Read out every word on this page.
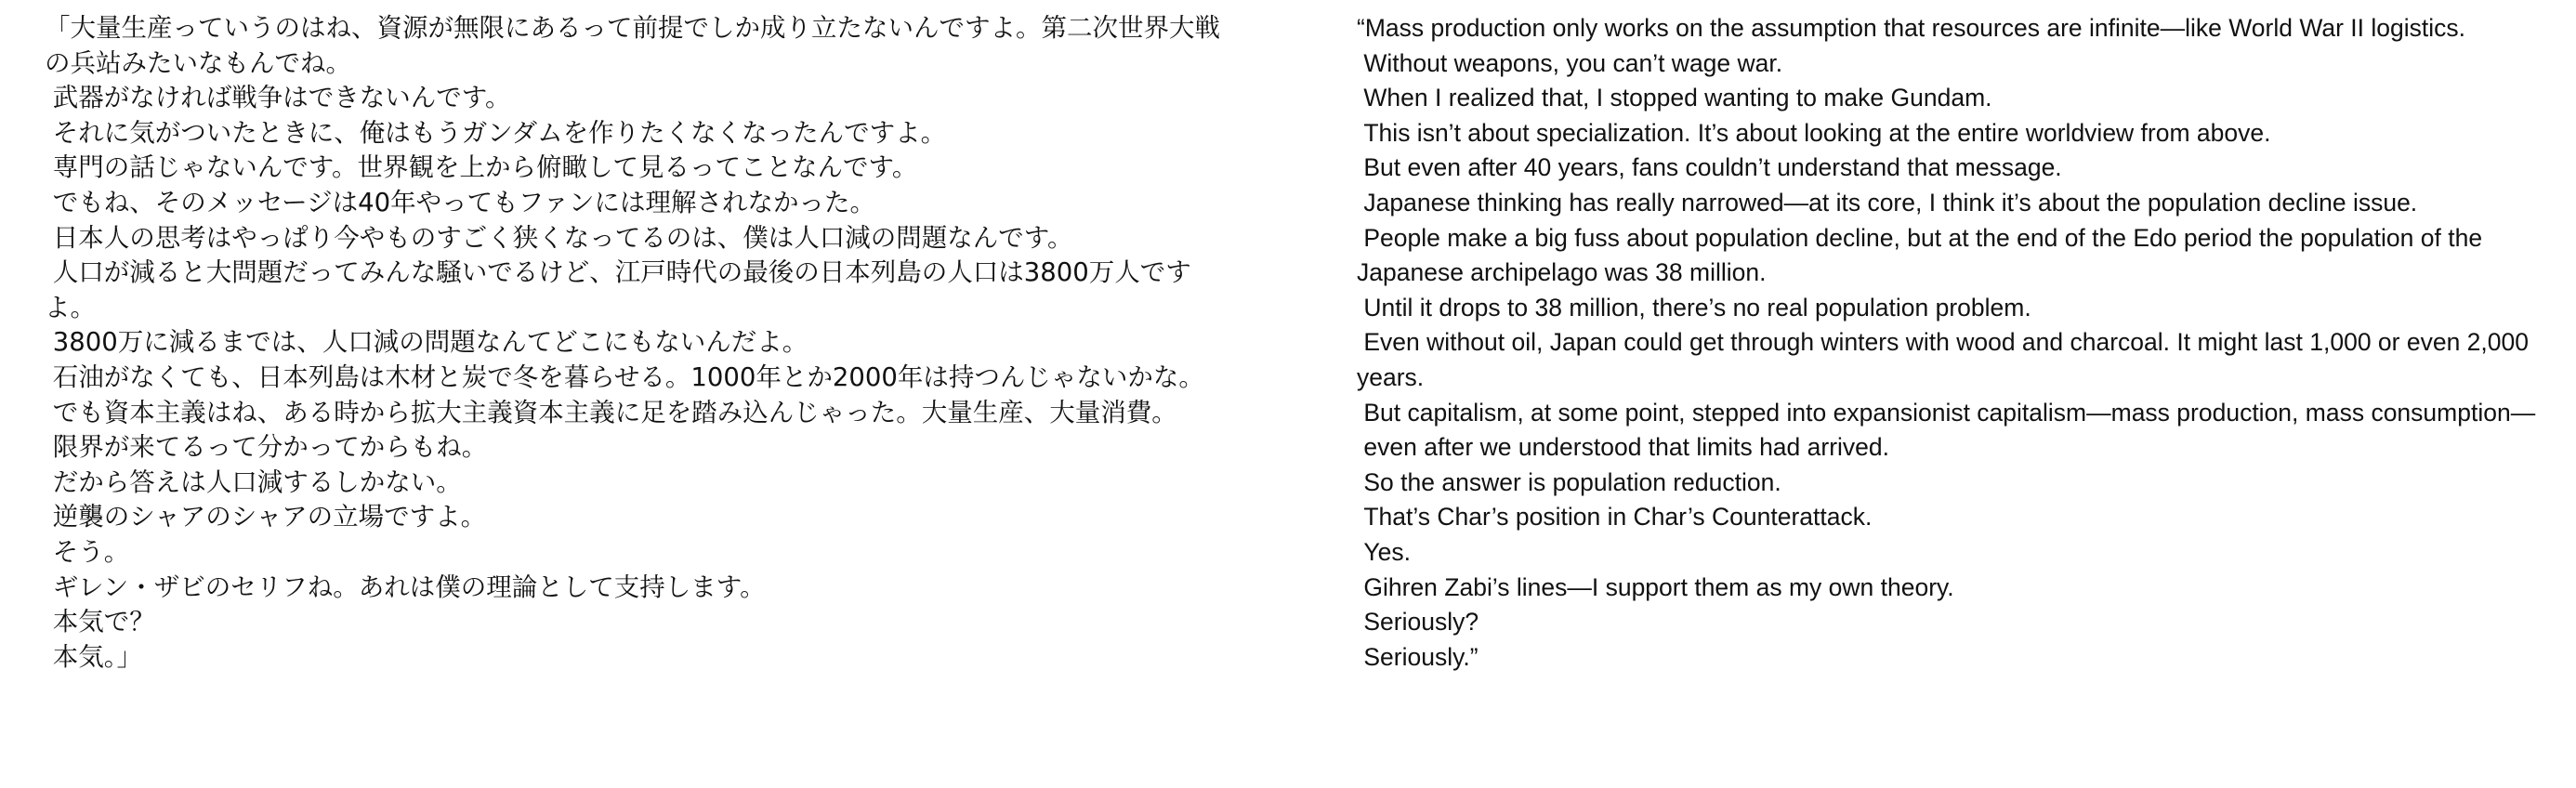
「大量生産っていうのはね、資源が無限にあるって前提でしか成り立たないんですよ。第二次世界大戦の兵站みたいなもんでね。

武器がなければ戦争はできないんです。

それに気がついたときに、俺はもうガンダムを作りたくなくなったんですよ。

専門の話じゃないんです。世界観を上から俯瞰して見るってことなんです。

でもね、そのメッセージは40年やってもファンには理解されなかった。

日本人の思考はやっぱり今やものすごく狭くなってるのは、僕は人口減の問題なんです。

人口が減ると大問題だってみんな騒いでるけど、江戸時代の最後の日本列島の人口は3800万人ですよ。

3800万に減るまでは、人口減の問題なんてどこにもないんだよ。

石油がなくても、日本列島は木材と炭で冬を暮らせる。1000年とか2000年は持つんじゃないかな。

でも資本主義はね、ある時から拡大主義資本主義に足を踏み込んじゃった。大量生産、大量消費。

限界が来てるって分かってからもね。

だから答えは人口減するしかない。

逆襲のシャアのシャアの立場ですよ。

そう。

ギレン・ザビのセリフね。あれは僕の理論として支持します。

本気で？

本気。」

“Mass production only works on the assumption that resources are infinite—like World War II logistics.

Without weapons, you can’t wage war.

When I realized that, I stopped wanting to make Gundam.

This isn’t about specialization. It’s about looking at the entire worldview from above.

But even after 40 years, fans couldn’t understand that message.

Japanese thinking has really narrowed—at its core, I think it’s about the population decline issue.

People make a big fuss about population decline, but at the end of the Edo period the population of the Japanese archipelago was 38 million.

Until it drops to 38 million, there’s no real population problem.

Even without oil, Japan could get through winters with wood and charcoal. It might last 1,000 or even 2,000 years.

But capitalism, at some point, stepped into expansionist capitalism—mass production, mass consumption—

even after we understood that limits had arrived.

So the answer is population reduction.

That’s Char’s position in Char’s Counterattack.

Yes.

Gihren Zabi’s lines—I support them as my own theory.

Seriously?

Seriously.”
